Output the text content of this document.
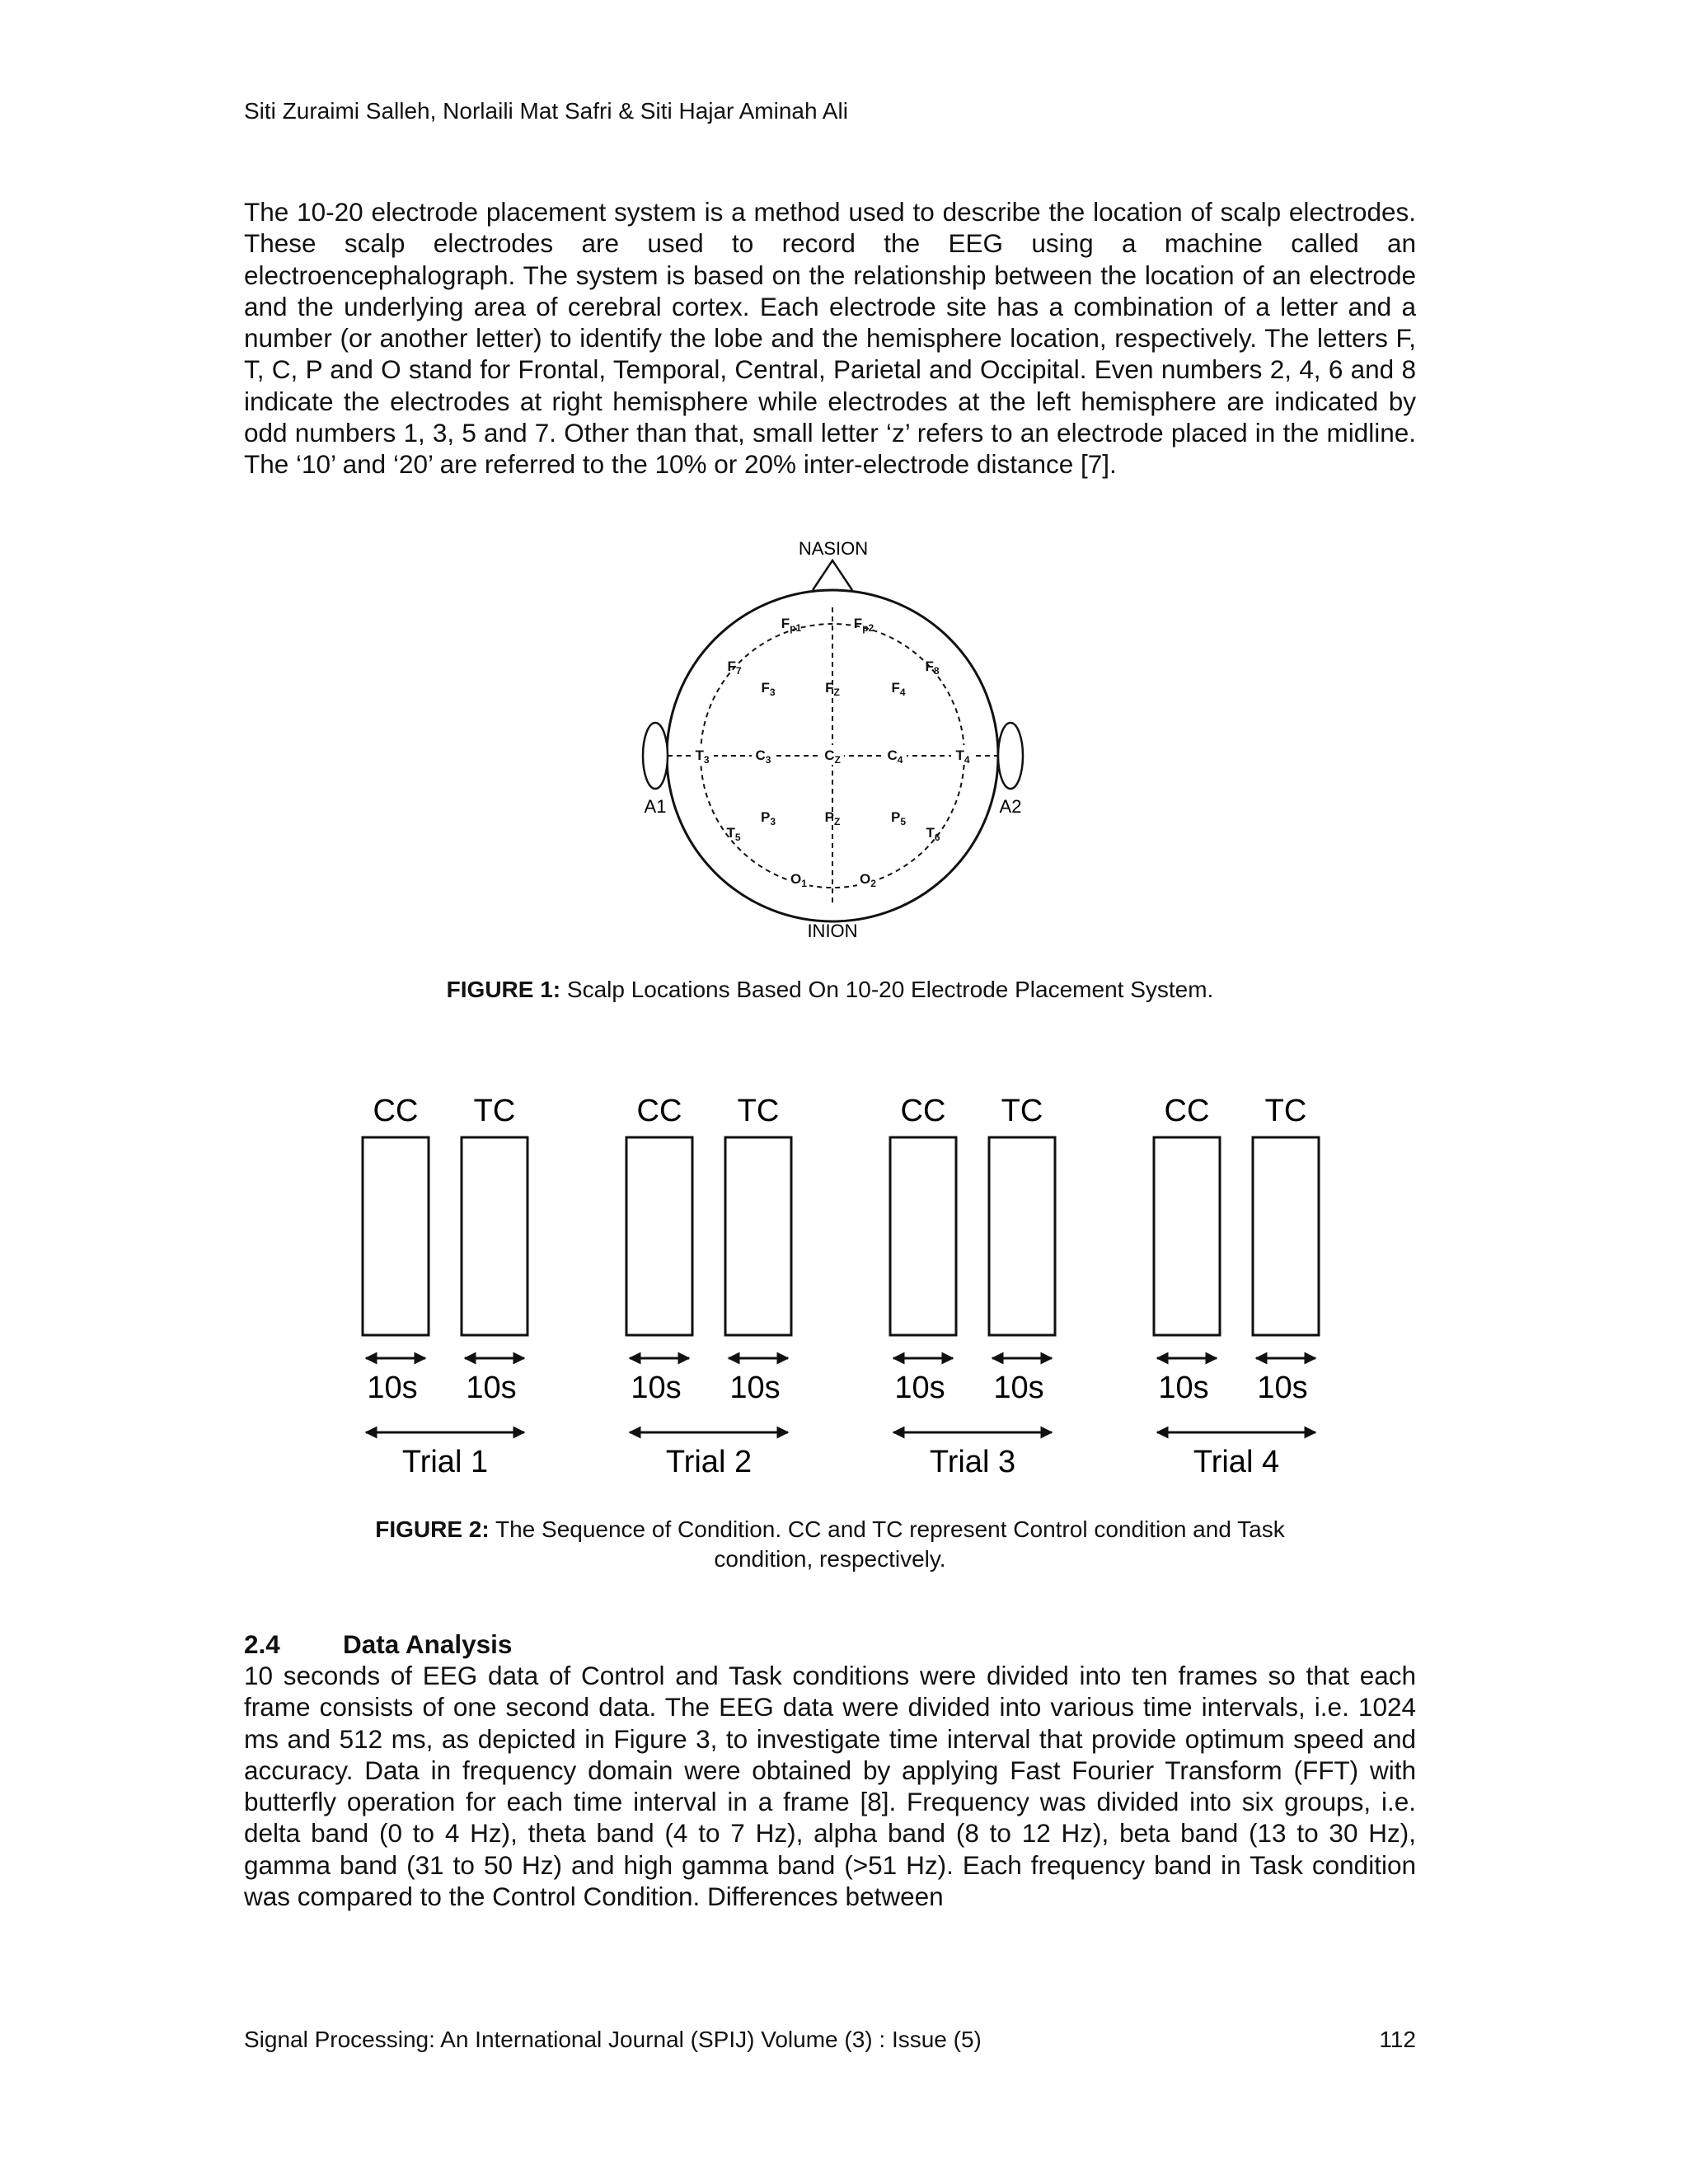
Siti Zuraimi Salleh, Norlaili Mat Safri & Siti Hajar Aminah Ali

The 10-20 electrode placement system is a method used to describe the location of scalp electrodes. These scalp electrodes are used to record the EEG using a machine called an electroencephalograph. The system is based on the relationship between the location of an electrode and the underlying area of cerebral cortex. Each electrode site has a combination of a letter and a number (or another letter) to identify the lobe and the hemisphere location, respectively. The letters F, T, C, P and O stand for Frontal, Temporal, Central, Parietal and Occipital. Even numbers 2, 4, 6 and 8 indicate the electrodes at right hemisphere while electrodes at the left hemisphere are indicated by odd numbers 1, 3, 5 and 7. Other than that, small letter ‘z’ refers to an electrode placed in the midline. The ‘10’ and ‘20’ are referred to the 10% or 20% inter-electrode distance [7].

NASION
A1	A2
$F_{p1}$	$F_{p2}$
$F_7$	$F_8$
$F_3$	$F_Z$	$F_4$
$T_3$	$C_3$	$C_Z$	$C_4$	$T_4$
$P_3$	$P_Z$	$P_5$
$T_5$	$T_6$
$O_1$	$O_2$
INION
FIGURE 1: Scalp Locations Based On 10-20 Electrode Placement System.
CC
10s
TC
10s
Trial 1
CC
10s
TC
10s
Trial 2
CC
10s
TC
10s
Trial 3
CC
10s
TC
10s
Trial 4
FIGURE 2: The Sequence of Condition. CC and TC represent Control condition and Task
condition, respectively.
2.4 Data Analysis

10 seconds of EEG data of Control and Task conditions were divided into ten frames so that each frame consists of one second data. The EEG data were divided into various time intervals, i.e. 1024 ms and 512 ms, as depicted in Figure 3, to investigate time interval that provide optimum speed and accuracy. Data in frequency domain were obtained by applying Fast Fourier Transform (FFT) with butterfly operation for each time interval in a frame [8]. Frequency was divided into six groups, i.e. delta band (0 to 4 Hz), theta band (4 to 7 Hz), alpha band (8 to 12 Hz), beta band (13 to 30 Hz), gamma band (31 to 50 Hz) and high gamma band (>51 Hz). Each frequency band in Task condition was compared to the Control Condition. Differences between

Signal Processing: An International Journal (SPIJ) Volume (3) : Issue (5)	112
